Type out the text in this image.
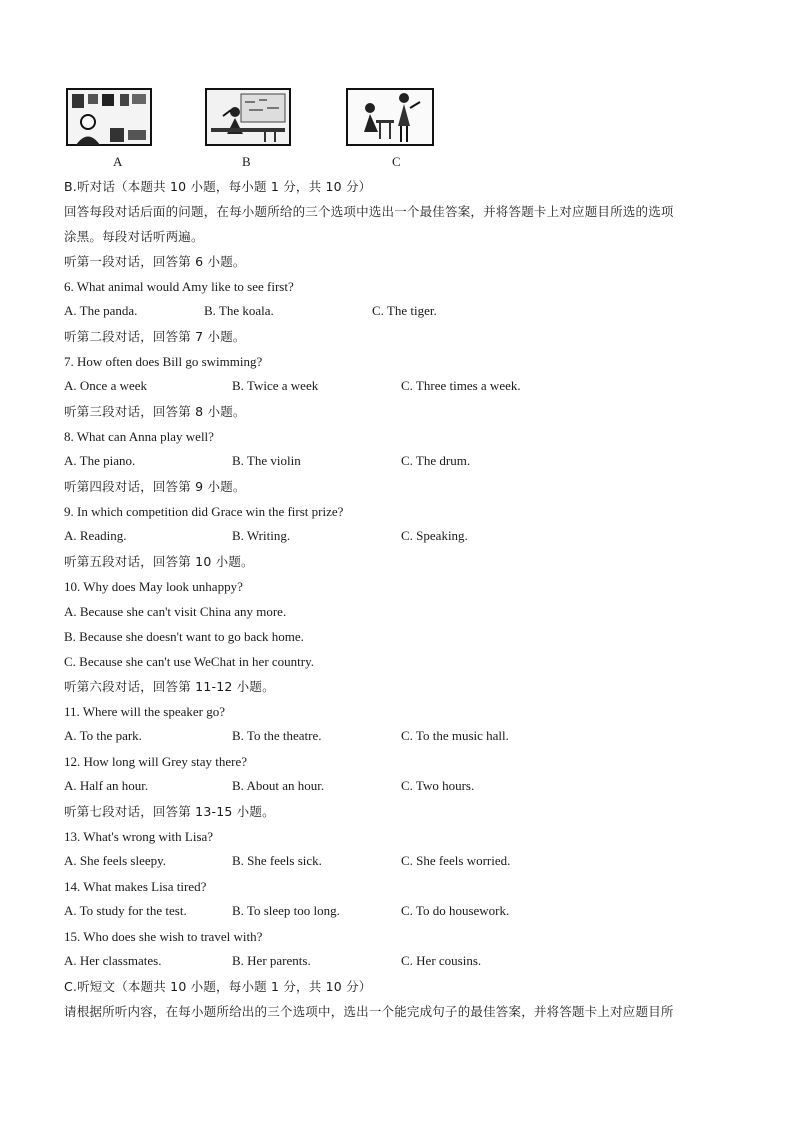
A	B	C
B.听对话（本题共 10 小题，每小题 1 分，共 10 分）
回答每段对话后面的问题，在每小题所给的三个选项中选出一个最佳答案，并将答题卡上对应题目所选的选项
涂黑。每段对话听两遍。
听第一段对话，回答第 6 小题。
6. What animal would Amy like to see first?
A. The panda.	B. The koala.	C. The tiger.
听第二段对话，回答第 7 小题。
7. How often does Bill go swimming?
A. Once a week	B. Twice a week	C. Three times a week.
听第三段对话，回答第 8 小题。
8. What can Anna play well?
A. The piano.	B. The violin	C. The drum.
听第四段对话，回答第 9 小题。
9. In which competition did Grace win the first prize?
A. Reading.	B. Writing.	C. Speaking.
听第五段对话，回答第 10 小题。
10. Why does May look unhappy?
A. Because she can't visit China any more.
B. Because she doesn't want to go back home.
C. Because she can't use WeChat in her country.
听第六段对话，回答第 11-12 小题。
11. Where will the speaker go?
A. To the park.	B. To the theatre.	C. To the music hall.
12. How long will Grey stay there?
A. Half an hour.	B. About an hour.	C. Two hours.
听第七段对话，回答第 13-15 小题。
13. What's wrong with Lisa?
A. She feels sleepy.	B. She feels sick.	C. She feels worried.
14. What makes Lisa tired?
A. To study for the test.	B. To sleep too long.	C. To do housework.
15. Who does she wish to travel with?
A. Her classmates.	B. Her parents.	C. Her cousins.
C.听短文（本题共 10 小题，每小题 1 分，共 10 分）
请根据所听内容，在每小题所给出的三个选项中，选出一个能完成句子的最佳答案，并将答题卡上对应题目所
